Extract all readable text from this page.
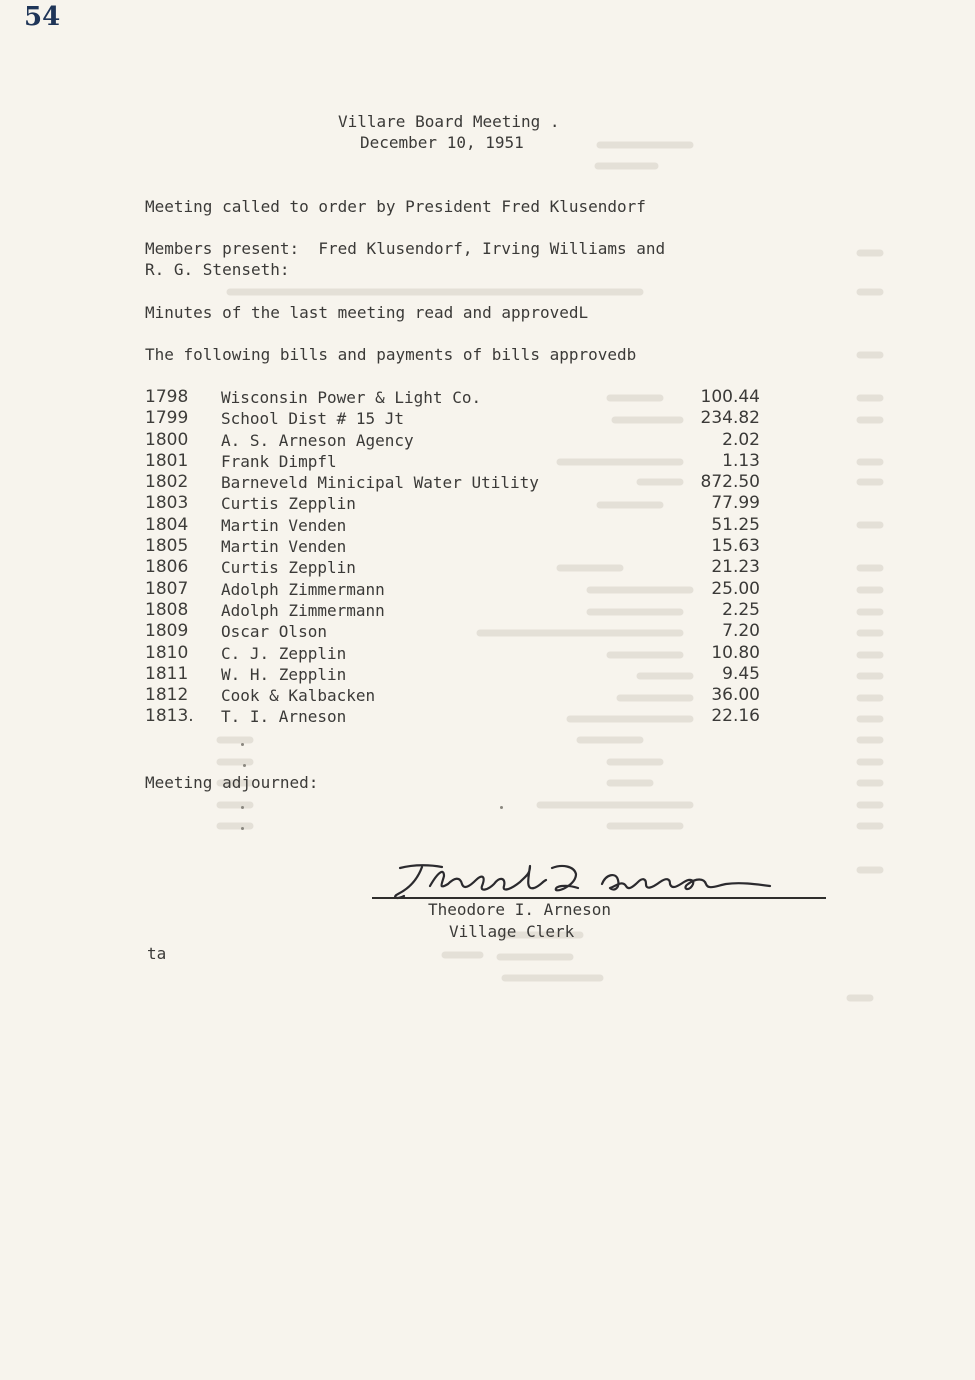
54
Villare Board Meeting .
December 10, 1951
Meeting called to order by President Fred Klusendorf
Members present:  Fred Klusendorf, Irving Williams and
R. G. Stenseth:
Minutes of the last meeting read and approvedL
The following bills and payments of bills approvedb
1798 Wisconsin Power & Light Co.	100.44
1799 School Dist # 15 Jt	234.82
1800 A. S. Arneson Agency	2.02
1801 Frank Dimpfl	1.13
1802 Barneveld Minicipal Water Utility	872.50
1803 Curtis Zepplin	77.99
1804 Martin Venden	51.25
1805 Martin Venden	15.63
1806 Curtis Zepplin	21.23
1807 Adolph Zimmermann	25.00
1808 Adolph Zimmermann	2.25
1809 Oscar Olson	7.20
1810 C. J. Zepplin	10.80
1811 W. H. Zepplin	9.45
1812 Cook & Kalbacken	36.00
1813. T. I. Arneson	22.16
Meeting adjourned:
Theodore I. Arneson
Village Clerk
ta
